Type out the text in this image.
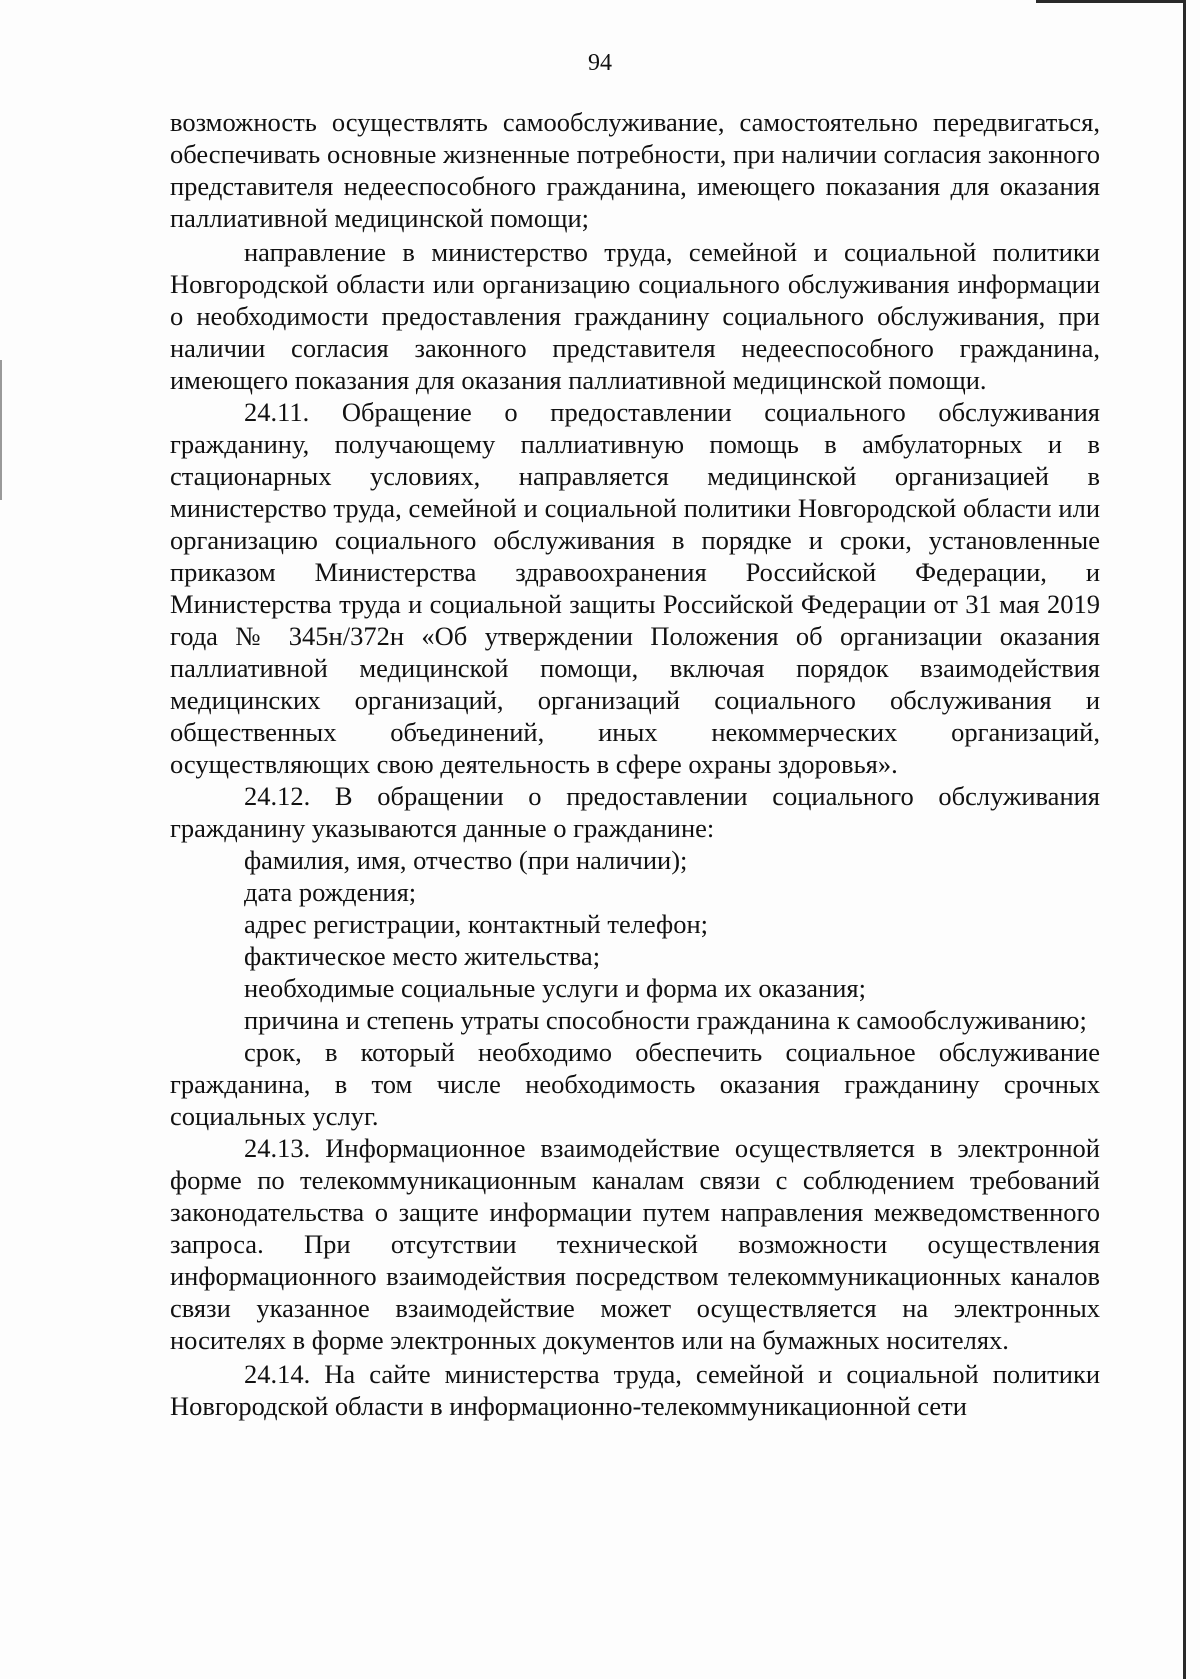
94

возможность осуществлять самообслуживание, самостоятельно передвигаться, обеспечивать основные жизненные потребности, при наличии согласия законного представителя недееспособного гражданина, имеющего показания для оказания паллиативной медицинской помощи;

направление в министерство труда, семейной и социальной политики Новгородской области или организацию социального обслуживания информации о необходимости предоставления гражданину социального обслуживания, при наличии согласия законного представителя недееспособного гражданина, имеющего показания для оказания паллиативной медицинской помощи.

24.11. Обращение о предоставлении социального обслуживания гражданину, получающему паллиативную помощь в амбулаторных и в стационарных условиях, направляется медицинской организацией в министерство труда, семейной и социальной политики Новгородской области или организацию социального обслуживания в порядке и сроки, установленные приказом Министерства здравоохранения Российской Федерации, и Министерства труда и социальной защиты Российской Федерации от 31 мая 2019 года № 345н/372н «Об утверждении Положения об организации оказания паллиативной медицинской помощи, включая порядок взаимодействия медицинских организаций, организаций социального обслуживания и общественных объединений, иных некоммерческих организаций, осуществляющих свою деятельность в сфере охраны здоровья».

24.12. В обращении о предоставлении социального обслуживания гражданину указываются данные о гражданине:

фамилия, имя, отчество (при наличии);

дата рождения;

адрес регистрации, контактный телефон;

фактическое место жительства;

необходимые социальные услуги и форма их оказания;

причина и степень утраты способности гражданина к самообслуживанию;

срок, в который необходимо обеспечить социальное обслуживание гражданина, в том числе необходимость оказания гражданину срочных социальных услуг.

24.13. Информационное взаимодействие осуществляется в электронной форме по телекоммуникационным каналам связи с соблюдением требований законодательства о защите информации путем направления межведомственного запроса. При отсутствии технической возможности осуществления информационного взаимодействия посредством телекоммуникационных каналов связи указанное взаимодействие может осуществляется на электронных носителях в форме электронных документов или на бумажных носителях.

24.14. На сайте министерства труда, семейной и социальной политики Новгородской области в информационно-телекоммуникационной сети
